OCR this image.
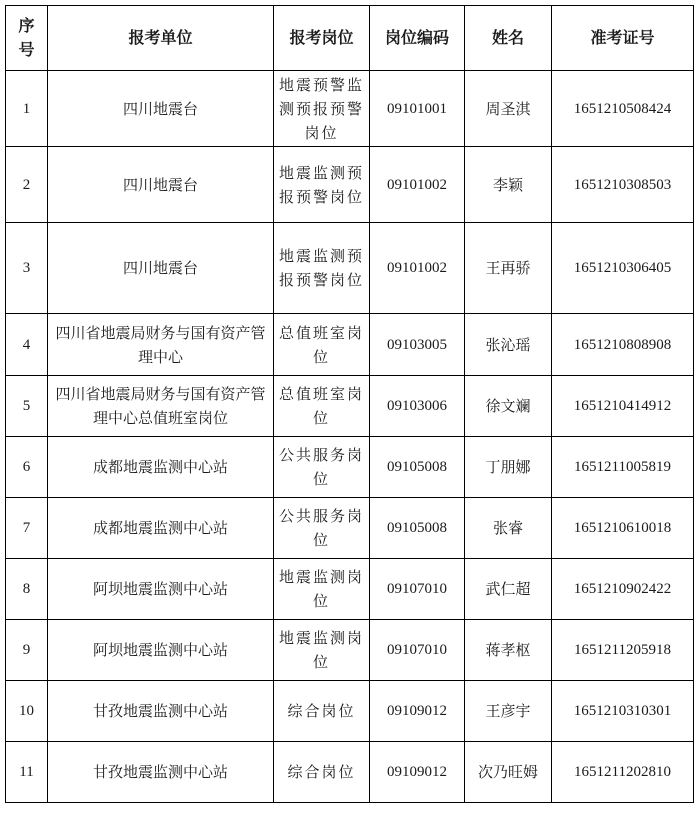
序号	报考单位	报考岗位	岗位编码	姓名	准考证号
1	四川地震台	地震预警监测预报预警岗位	09101001	周圣淇	1651210508424
2	四川地震台	地震监测预报预警岗位	09101002	李颖	1651210308503
3	四川地震台	地震监测预报预警岗位	09101002	王再骄	1651210306405
4	四川省地震局财务与国有资产管理中心	总值班室岗位	09103005	张沁瑶	1651210808908
5	四川省地震局财务与国有资产管理中心总值班室岗位	总值班室岗位	09103006	徐文斓	1651210414912
6	成都地震监测中心站	公共服务岗位	09105008	丁朋娜	1651211005819
7	成都地震监测中心站	公共服务岗位	09105008	张睿	1651210610018
8	阿坝地震监测中心站	地震监测岗位	09107010	武仁超	1651210902422
9	阿坝地震监测中心站	地震监测岗位	09107010	蒋孝枢	1651211205918
10	甘孜地震监测中心站	综合岗位	09109012	王彦宇	1651210310301
11	甘孜地震监测中心站	综合岗位	09109012	次乃旺姆	1651211202810
